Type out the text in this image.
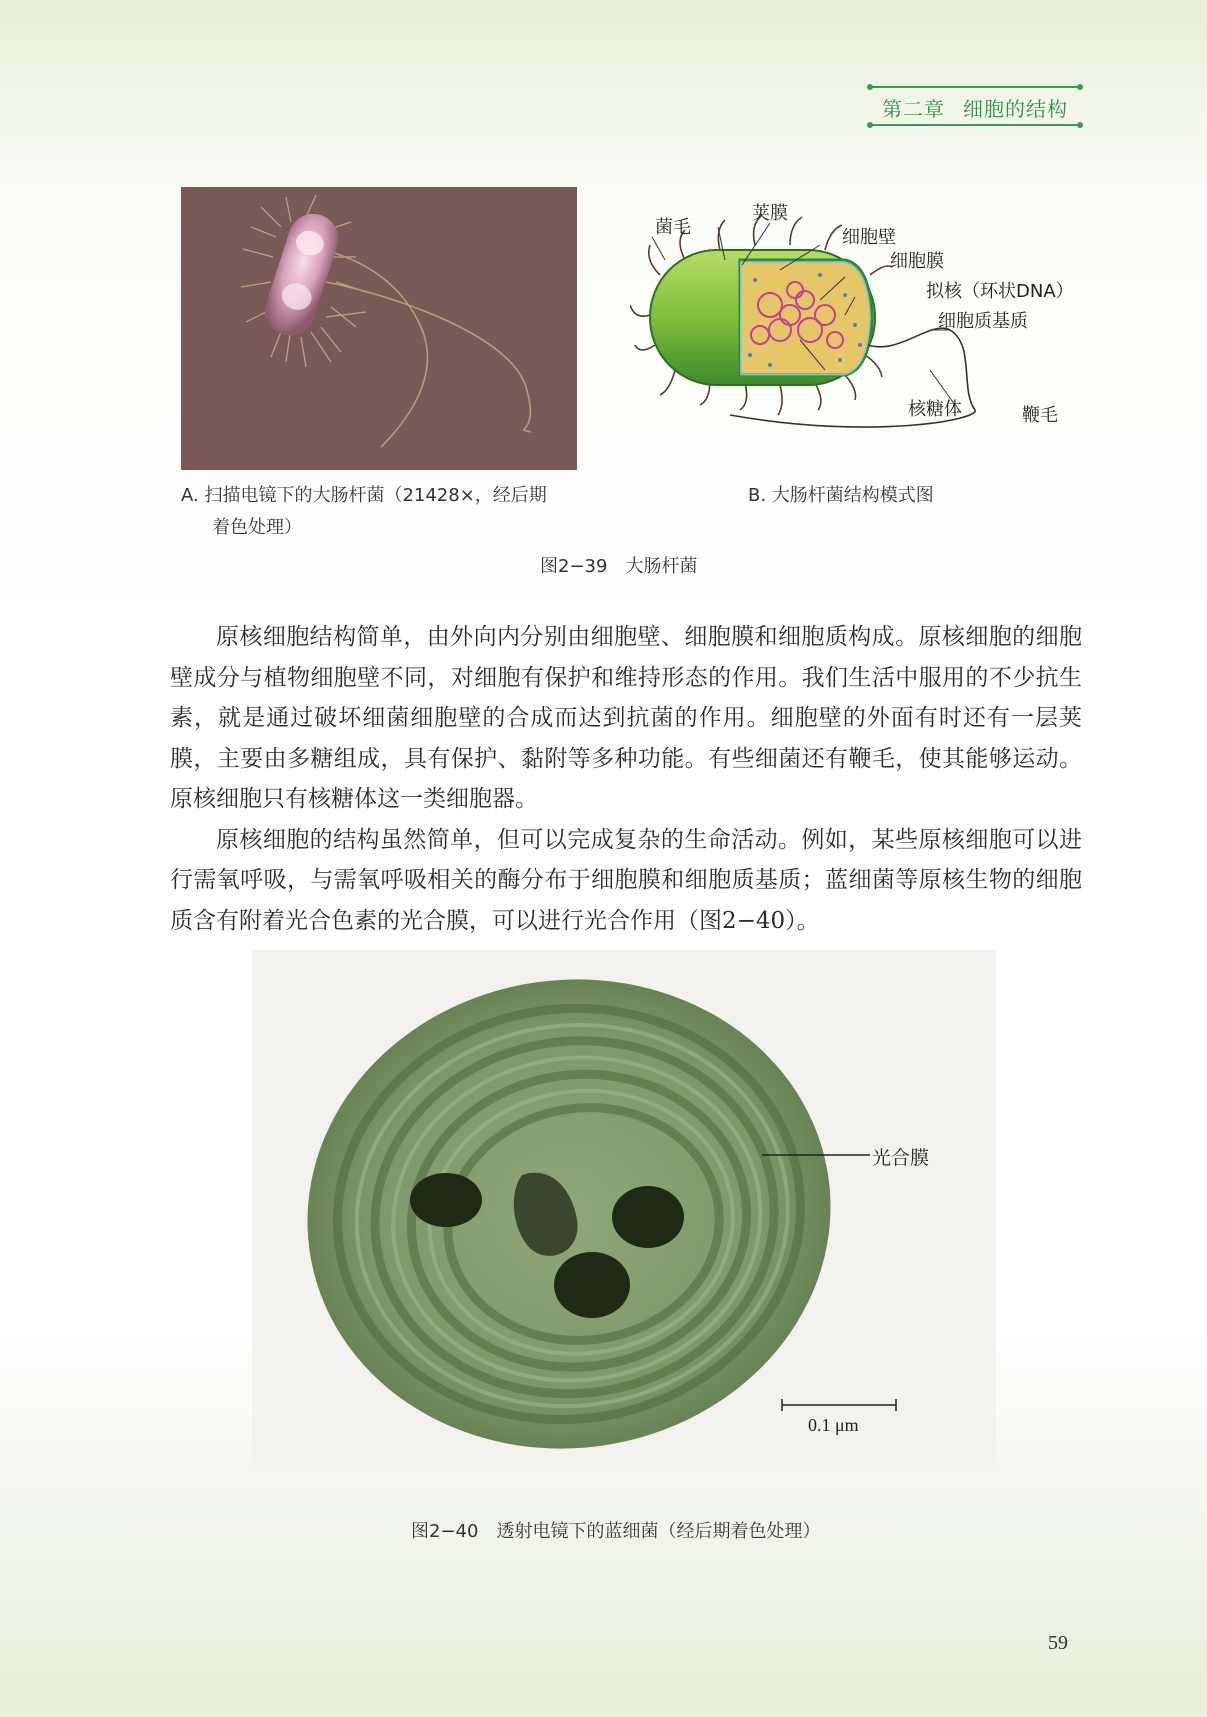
第二章 细胞的结构
菌毛
荚膜
细胞壁
细胞膜
拟核（环状DNA）
细胞质基质
核糖体	鞭毛
A. 扫描电镜下的大肠杆菌（21428×，经后期
着色处理）
B. 大肠杆菌结构模式图
图2−39 大肠杆菌

原核细胞结构简单，由外向内分别由细胞壁、细胞膜和细胞质构成。原核细胞的细胞壁成分与植物细胞壁不同，对细胞有保护和维持形态的作用。我们生活中服用的不少抗生素，就是通过破坏细菌细胞壁的合成而达到抗菌的作用。细胞壁的外面有时还有一层荚膜，主要由多糖组成，具有保护、黏附等多种功能。有些细菌还有鞭毛，使其能够运动。原核细胞只有核糖体这一类细胞器。

原核细胞的结构虽然简单，但可以完成复杂的生命活动。例如，某些原核细胞可以进行需氧呼吸，与需氧呼吸相关的酶分布于细胞膜和细胞质基质；蓝细菌等原核生物的细胞质含有附着光合色素的光合膜，可以进行光合作用（图2−40）。

光合膜
0.1 μm
图2−40 透射电镜下的蓝细菌（经后期着色处理）
59
